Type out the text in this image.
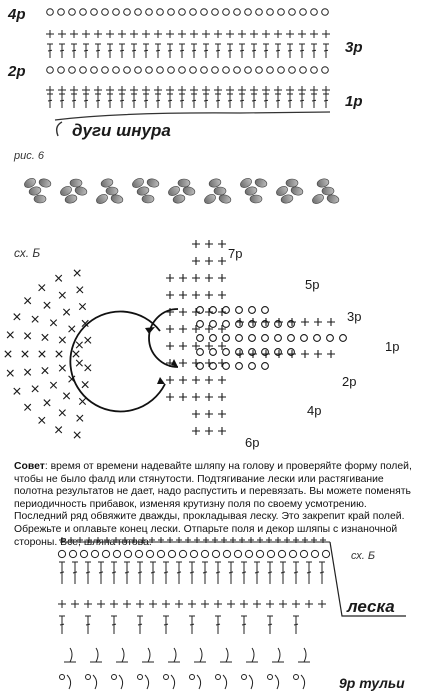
4р
2р
3р
1р
дуги шнура
рис. 6
сх. Б	7р
5р
3р
1р
2р
4р
6р
Совет: время от времени надевайте шляпу на голову и проверяйте форму полей, чтобы не было фалд или стянутости. Подтягивание лески или растягивание полотна результатов не дает, надо распустить и перевязать. Вы можете поменять периодичность прибавок, изменяя крутизну поля по своему усмотрению. Последний ряд обвяжите дважды, прокладывая леску. Это закрепит край полей. Обрежьте и оплавьте конец лески. Отпарьте поля и декор шляпы с изнаночной стороны. Все, шляпа готова.
сх. Б
леска
9р тульи
